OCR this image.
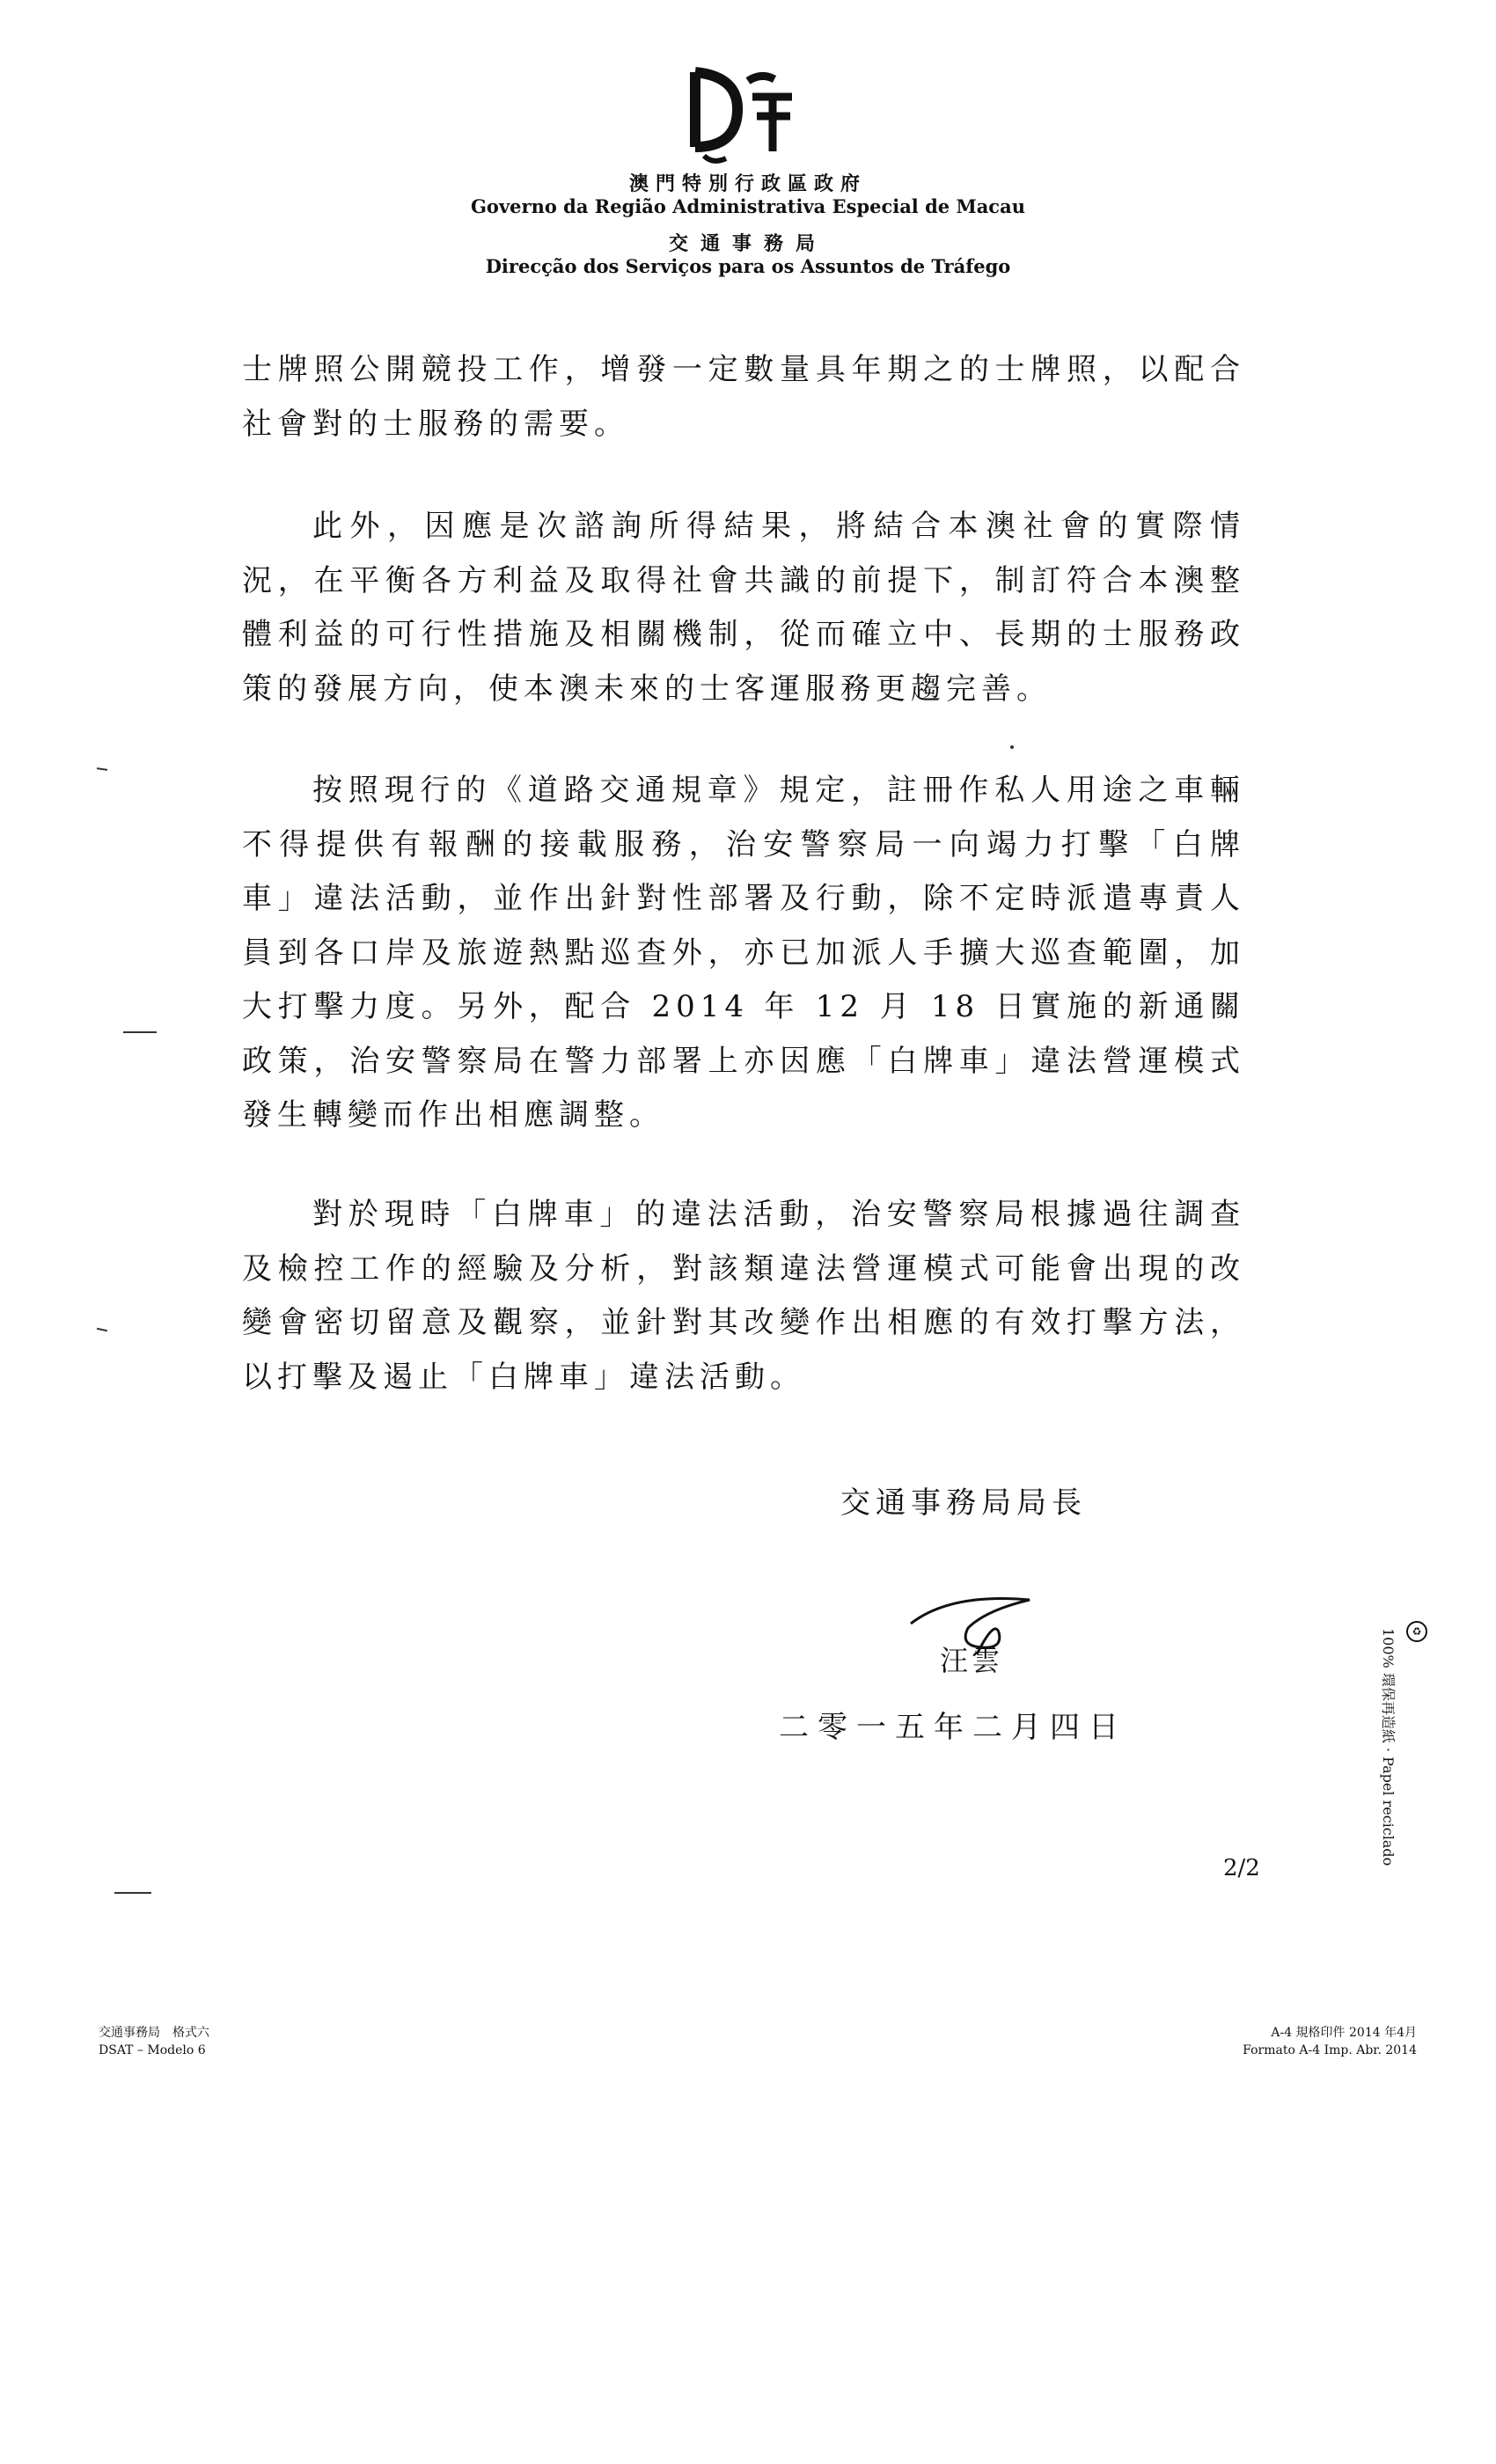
澳門特別行政區政府
Governo da Região Administrativa Especial de Macau
交通事務局
Direcção dos Serviços para os Assuntos de Tráfego
士牌照公開競投工作，增發一定數量具年期之的士牌照，以配合社會對的士服務的需要。
此外，因應是次諮詢所得結果，將結合本澳社會的實際情況，在平衡各方利益及取得社會共識的前提下，制訂符合本澳整體利益的可行性措施及相關機制，從而確立中、長期的士服務政策的發展方向，使本澳未來的士客運服務更趨完善。
按照現行的《道路交通規章》規定，註冊作私人用途之車輛不得提供有報酬的接載服務，治安警察局一向竭力打擊「白牌車」違法活動，並作出針對性部署及行動，除不定時派遣專責人員到各口岸及旅遊熱點巡查外，亦已加派人手擴大巡查範圍，加大打擊力度。另外，配合 2014 年 12 月 18 日實施的新通關政策，治安警察局在警力部署上亦因應「白牌車」違法營運模式發生轉變而作出相應調整。
對於現時「白牌車」的違法活動，治安警察局根據過往調查及檢控工作的經驗及分析，對該類違法營運模式可能會出現的改變會密切留意及觀察，並針對其改變作出相應的有效打擊方法，以打擊及遏止「白牌車」違法活動。
交通事務局局長
汪雲
二零一五年二月四日
2/2
♻
100% 環保再造紙 · Papel reciclado
交通事務局　格式六
DSAT – Modelo 6
A-4 規格印件 2014 年4月
Formato A-4 Imp. Abr. 2014
